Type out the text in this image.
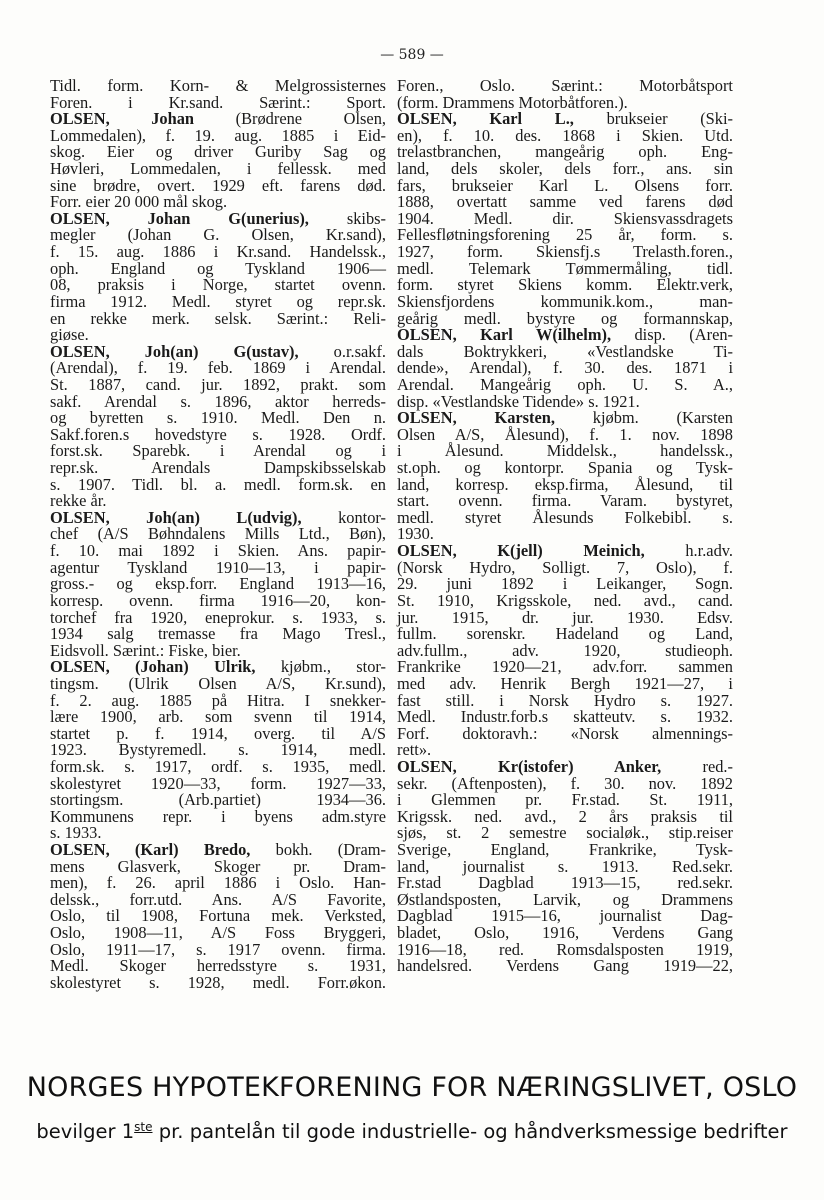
— 589 —
Tidl. form. Korn- & Melgrossisternes
Foren. i Kr.sand. Særint.: Sport.
OLSEN, Johan (Brødrene Olsen,
Lommedalen), f. 19. aug. 1885 i Eid-
skog. Eier og driver Guriby Sag og
Høvleri, Lommedalen, i fellessk. med
sine brødre, overt. 1929 eft. farens død.
Forr. eier 20 000 mål skog.
OLSEN, Johan G(unerius), skibs-
megler (Johan G. Olsen, Kr.sand),
f. 15. aug. 1886 i Kr.sand. Handelssk.,
oph. England og Tyskland 1906—
08, praksis i Norge, startet ovenn.
firma 1912. Medl. styret og repr.sk.
en rekke merk. selsk. Særint.: Reli-
giøse.
OLSEN, Joh(an) G(ustav), o.r.sakf.
(Arendal), f. 19. feb. 1869 i Arendal.
St. 1887, cand. jur. 1892, prakt. som
sakf. Arendal s. 1896, aktor herreds-
og byretten s. 1910. Medl. Den n.
Sakf.foren.s hovedstyre s. 1928. Ordf.
forst.sk. Sparebk. i Arendal og i
repr.sk. Arendals Dampskibsselskab
s. 1907. Tidl. bl. a. medl. form.sk. en
rekke år.
OLSEN, Joh(an) L(udvig), kontor-
chef (A/S Bøhndalens Mills Ltd., Bøn),
f. 10. mai 1892 i Skien. Ans. papir-
agentur Tyskland 1910—13, i papir-
gross.- og eksp.forr. England 1913—16,
korresp. ovenn. firma 1916—20, kon-
torchef fra 1920, eneprokur. s. 1933, s.
1934 salg tremasse fra Mago Tresl.,
Eidsvoll. Særint.: Fiske, bier.
OLSEN, (Johan) Ulrik, kjøbm., stor-
tingsm. (Ulrik Olsen A/S, Kr.sund),
f. 2. aug. 1885 på Hitra. I snekker-
lære 1900, arb. som svenn til 1914,
startet p. f. 1914, overg. til A/S
1923. Bystyremedl. s. 1914, medl.
form.sk. s. 1917, ordf. s. 1935, medl.
skolestyret 1920—33, form. 1927—33,
stortingsm. (Arb.partiet) 1934—36.
Kommunens repr. i byens adm.styre
s. 1933.
OLSEN, (Karl) Bredo, bokh. (Dram-
mens Glasverk, Skoger pr. Dram-
men), f. 26. april 1886 i Oslo. Han-
delssk., forr.utd. Ans. A/S Favorite,
Oslo, til 1908, Fortuna mek. Verksted,
Oslo, 1908—11, A/S Foss Bryggeri,
Oslo, 1911—17, s. 1917 ovenn. firma.
Medl. Skoger herredsstyre s. 1931,
skolestyret s. 1928, medl. Forr.økon.
Foren., Oslo. Særint.: Motorbåtsport
(form. Drammens Motorbåtforen.).
OLSEN, Karl L., brukseier (Ski-
en), f. 10. des. 1868 i Skien. Utd.
trelastbranchen, mangeårig oph. Eng-
land, dels skoler, dels forr., ans. sin
fars, brukseier Karl L. Olsens forr.
1888, overtatt samme ved farens død
1904. Medl. dir. Skiensvassdragets
Fellesfløtningsforening 25 år, form. s.
1927, form. Skiensfj.s Trelasth.foren.,
medl. Telemark Tømmermåling, tidl.
form. styret Skiens komm. Elektr.verk,
Skiensfjordens kommunik.kom., man-
geårig medl. bystyre og formannskap,
OLSEN, Karl W(ilhelm), disp. (Aren-
dals Boktrykkeri, «Vestlandske Ti-
dende», Arendal), f. 30. des. 1871 i
Arendal. Mangeårig oph. U. S. A.,
disp. «Vestlandske Tidende» s. 1921.
OLSEN, Karsten, kjøbm. (Karsten
Olsen A/S, Ålesund), f. 1. nov. 1898
i Ålesund. Middelsk., handelssk.,
st.oph. og kontorpr. Spania og Tysk-
land, korresp. eksp.firma, Ålesund, til
start. ovenn. firma. Varam. bystyret,
medl. styret Ålesunds Folkebibl. s.
1930.
OLSEN, K(jell) Meinich, h.r.adv.
(Norsk Hydro, Solligt. 7, Oslo), f.
29. juni 1892 i Leikanger, Sogn.
St. 1910, Krigsskole, ned. avd., cand.
jur. 1915, dr. jur. 1930. Edsv.
fullm. sorenskr. Hadeland og Land,
adv.fullm., adv. 1920, studieoph.
Frankrike 1920—21, adv.forr. sammen
med adv. Henrik Bergh 1921—27, i
fast still. i Norsk Hydro s. 1927.
Medl. Industr.forb.s skatteutv. s. 1932.
Forf. doktoravh.: «Norsk almennings-
rett».
OLSEN, Kr(istofer) Anker, red.-
sekr. (Aftenposten), f. 30. nov. 1892
i Glemmen pr. Fr.stad. St. 1911,
Krigssk. ned. avd., 2 års praksis til
sjøs, st. 2 semestre socialøk., stip.reiser
Sverige, England, Frankrike, Tysk-
land, journalist s. 1913. Red.sekr.
Fr.stad Dagblad 1913—15, red.sekr.
Østlandsposten, Larvik, og Drammens
Dagblad 1915—16, journalist Dag-
bladet, Oslo, 1916, Verdens Gang
1916—18, red. Romsdalsposten 1919,
handelsred. Verdens Gang 1919—22,
NORGES HYPOTEKFORENING FOR NÆRINGSLIVET, OSLO
bevilger 1ste pr. pantelån til gode industrielle- og håndverksmessige bedrifter
